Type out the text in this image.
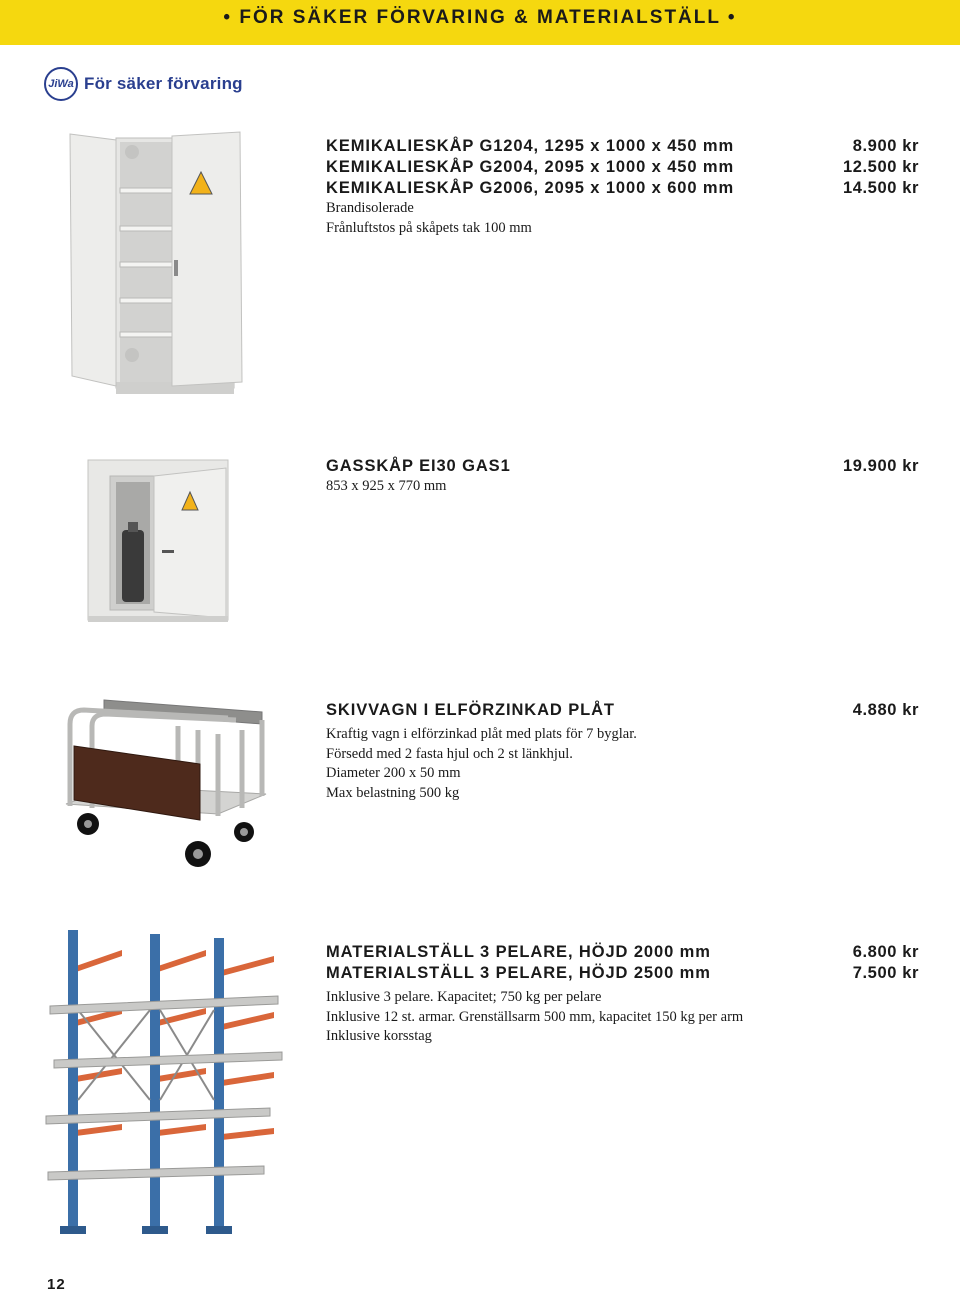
• FÖR SÄKER FÖRVARING & MATERIALSTÄLL •
JiWa För säker förvaring
KEMIKALIESKÅP G1204, 1295 x 1000 x 450 mm
KEMIKALIESKÅP G2004, 2095 x 1000 x 450 mm
KEMIKALIESKÅP G2006, 2095 x 1000 x 600 mm
Brandisolerade
Frånluftstos på skåpets tak 100 mm
8.900 kr
12.500 kr
14.500 kr
GASSKÅP EI30 GAS1
853 x 925 x 770 mm
19.900 kr
SKIVVAGN I ELFÖRZINKAD PLÅT
Kraftig vagn i elförzinkad plåt med plats för 7 byglar.
Försedd med 2 fasta hjul och 2 st länkhjul.
Diameter 200 x 50 mm
Max belastning 500 kg
4.880 kr
MATERIALSTÄLL 3 PELARE, HÖJD 2000 mm
MATERIALSTÄLL 3 PELARE, HÖJD 2500 mm
Inklusive 3 pelare. Kapacitet; 750 kg per pelare
Inklusive 12 st. armar. Grenställsarm 500 mm, kapacitet 150 kg per arm
Inklusive korsstag
6.800 kr
7.500 kr
12
